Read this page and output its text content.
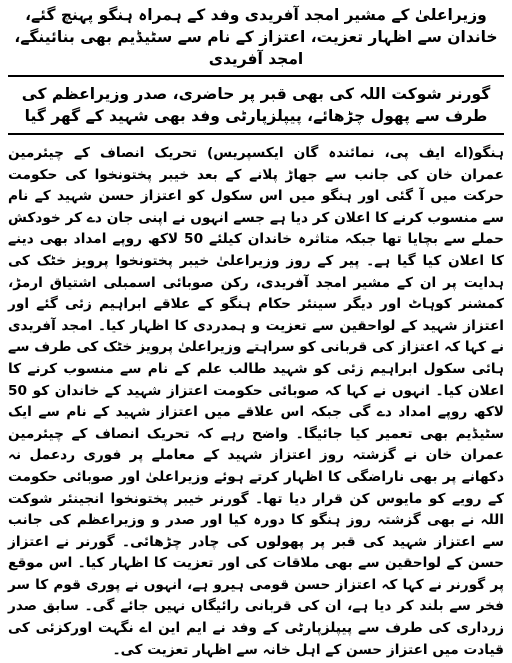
وزیراعلیٰ کے مشیر امجد آفریدی وفد کے ہمراہ ہنگو پہنچ گئے، خاندان سے اظہار تعزیت، اعتزاز کے نام سے سٹیڈیم بھی بنائینگے، امجد آفریدی
گورنر شوکت اللہ کی بھی قبر پر حاضری، صدر وزیراعظم کی طرف سے پھول چڑھائے، پیپلزپارٹی وفد بھی شہید کے گھر گیا
ہنگو(اے ایف پی، نمائندہ گان ایکسپریس) تحریک انصاف کے چیئرمین عمران خان کی جانب سے جھاڑ پلانے کے بعد خیبر پختونخوا کی حکومت حرکت میں آ گئی اور ہنگو میں اس سکول کو اعتزاز حسن شہید کے نام سے منسوب کرنے کا اعلان کر دیا ہے جسے انہوں نے اپنی جان دے کر خودکش حملے سے بچایا تھا جبکہ متاثرہ خاندان کیلئے 50 لاکھ روپے امداد بھی دینے کا اعلان کیا گیا ہے۔ پیر کے روز وزیراعلیٰ خیبر پختونخوا پرویز خٹک کی ہدایت پر ان کے مشیر امجد آفریدی، رکن صوبائی اسمبلی اشتیاق ارمڑ، کمشنر کوہاٹ اور دیگر سینئر حکام ہنگو کے علاقے ابراہیم زئی گئے اور اعتزاز شہید کے لواحقین سے تعزیت و ہمدردی کا اظہار کیا۔ امجد آفریدی نے کہا کہ اعتزاز کی قربانی کو سراہتے وزیراعلیٰ پرویز خٹک کی طرف سے ہائی سکول ابراہیم زئی کو شہید طالب علم کے نام سے منسوب کرنے کا اعلان کیا۔ انہوں نے کہا کہ صوبائی حکومت اعتزاز شہید کے خاندان کو 50 لاکھ روپے امداد دے گی جبکہ اس علاقے میں اعتزاز شہید کے نام سے ایک سٹیڈیم بھی تعمیر کیا جائیگا۔ واضح رہے کہ تحریک انصاف کے چیئرمین عمران خان نے گزشتہ روز اعتزاز شہید کے معاملے پر فوری ردعمل نہ دکھانے پر بھی ناراضگی کا اظہار کرتے ہوئے وزیراعلیٰ اور صوبائی حکومت کے رویے کو مایوس کن قرار دیا تھا۔ گورنر خیبر پختونخوا انجینئر شوکت اللہ نے بھی گزشتہ روز ہنگو کا دورہ کیا اور صدر و وزیراعظم کی جانب سے اعتزاز شہید کی قبر پر پھولوں کی چادر چڑھائی۔ گورنر نے اعتزاز حسن کے لواحقین سے بھی ملاقات کی اور تعزیت کا اظہار کیا۔ اس موقع پر گورنر نے کہا کہ اعتزاز حسن قومی ہیرو ہے، انہوں نے پوری قوم کا سر فخر سے بلند کر دیا ہے، ان کی قربانی رائیگاں نہیں جائے گی۔ سابق صدر زرداری کی طرف سے پیپلزپارٹی کے وفد نے ایم این اے نگہت اورکزئی کی قیادت میں اعتزاز حسن کے اہل خانہ سے اظہار تعزیت کی۔
